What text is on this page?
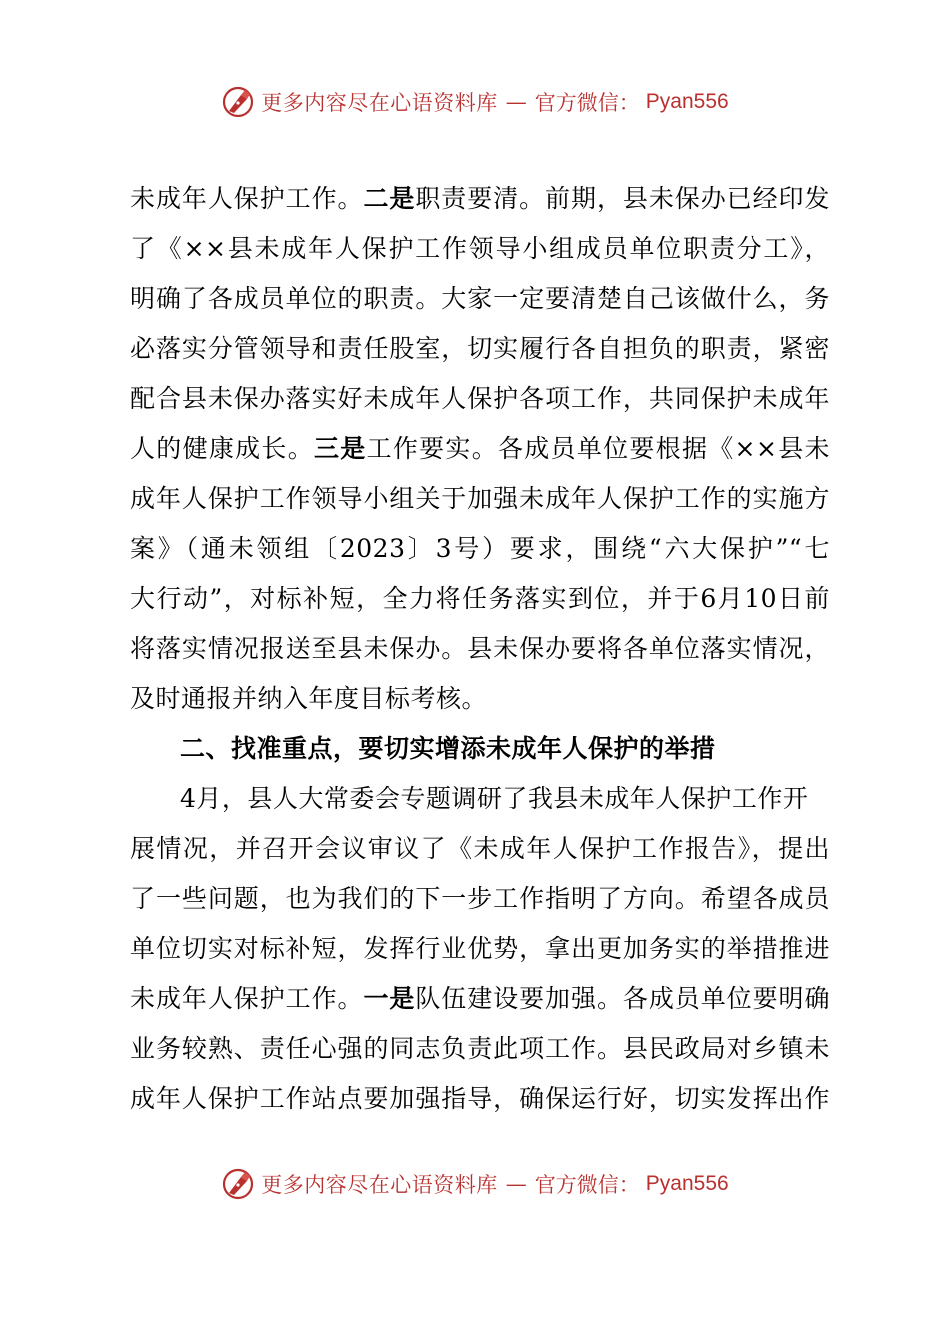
更多内容尽在心语资料库 — 官方微信： Pyan556
未成年人保护工作。二是职责要清。前期，县未保办已经印发
了《××县未成年人保护工作领导小组成员单位职责分工》，
明确了各成员单位的职责。大家一定要清楚自己该做什么，务
必落实分管领导和责任股室，切实履行各自担负的职责，紧密
配合县未保办落实好未成年人保护各项工作，共同保护未成年
人的健康成长。三是工作要实。各成员单位要根据《××县未
成年人保护工作领导小组关于加强未成年人保护工作的实施方
案》（通未领组〔2023〕3号）要求，围绕“六大保护”“七
大行动”，对标补短，全力将任务落实到位，并于6月10日前
将落实情况报送至县未保办。县未保办要将各单位落实情况，
及时通报并纳入年度目标考核。
二、找准重点，要切实增添未成年人保护的举措
4月，县人大常委会专题调研了我县未成年人保护工作开
展情况，并召开会议审议了《未成年人保护工作报告》，提出
了一些问题，也为我们的下一步工作指明了方向。希望各成员
单位切实对标补短，发挥行业优势，拿出更加务实的举措推进
未成年人保护工作。一是队伍建设要加强。各成员单位要明确
业务较熟、责任心强的同志负责此项工作。县民政局对乡镇未
成年人保护工作站点要加强指导，确保运行好，切实发挥出作
更多内容尽在心语资料库 — 官方微信： Pyan556
